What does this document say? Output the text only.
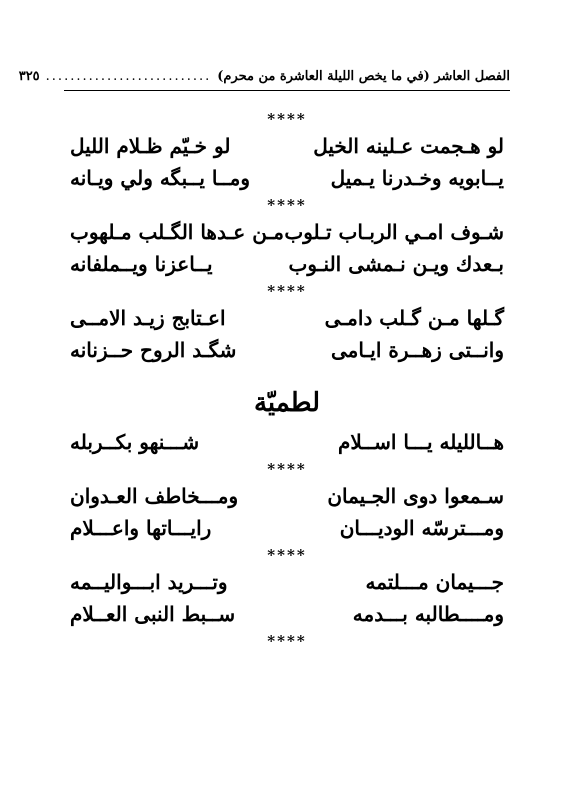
الفصل العاشر (في ما يخص الليلة العاشرة من محرم)
...........................
٣٢٥
****
لو هـجمت عـلينه الخيل
لو خـيّم ظـلام الليل
يــابويه وخـدرنا يـميل
ومــا يــبگه ولي ويـانه
****
شـوف امـي الربـاب تـلوب
مـن عـدها الگـلب مـلهوب
بـعدك ويـن نـمشى النـوب
يــاعزنا ويــملفانه
****
گـلها مـن گـلب دامـى
اعـتابج زيـد الامــى
وانــتى زهــرة ايـامى
شگـد الروح حــزنانه
لطميّة
هــالليله يـــا اســلام
شـــنهو بكــربله
****
سـمعوا دوى الجـيمان
ومـــخاطف العـدوان
ومـــترسّه الوديـــان
رايـــاتها واعـــلام
****
جـــيمان مـــلتمه
وتـــريد ابـــواليــمه
ومــــطالبه بـــدمه
ســبط النبى العــلام
****
